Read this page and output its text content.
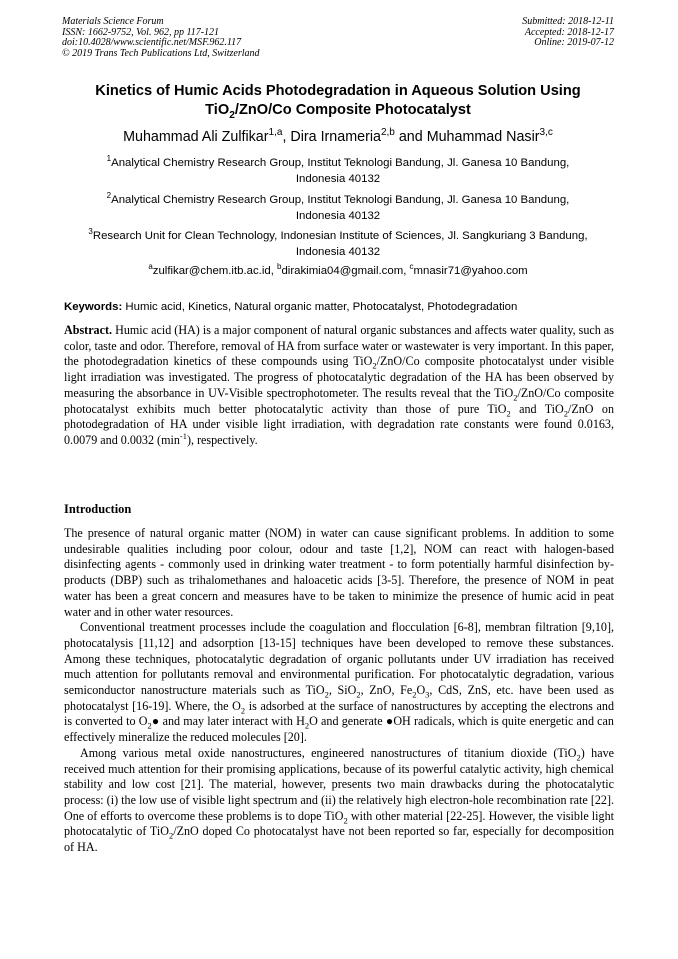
Materials Science Forum
ISSN: 1662-9752, Vol. 962, pp 117-121
doi:10.4028/www.scientific.net/MSF.962.117
© 2019 Trans Tech Publications Ltd, Switzerland
Submitted: 2018-12-11
Accepted: 2018-12-17
Online: 2019-07-12
Kinetics of Humic Acids Photodegradation in Aqueous Solution Using
TiO$_2$/ZnO/Co Composite Photocatalyst
Muhammad Ali Zulfikar$^{1,a}$, Dira Irnameria$^{2,b}$ and Muhammad Nasir$^{3,c}$
$^1$Analytical Chemistry Research Group, Institut Teknologi Bandung, Jl. Ganesa 10 Bandung,
Indonesia 40132
$^2$Analytical Chemistry Research Group, Institut Teknologi Bandung, Jl. Ganesa 10 Bandung,
Indonesia 40132
$^3$Research Unit for Clean Technology, Indonesian Institute of Sciences, Jl. Sangkuriang 3 Bandung,
Indonesia 40132
$^a$zulfikar@chem.itb.ac.id, $^b$dirakimia04@gmail.com, $^c$mnasir71@yahoo.com
Keywords: Humic acid, Kinetics, Natural organic matter, Photocatalyst, Photodegradation
Abstract. Humic acid (HA) is a major component of natural organic substances and affects water quality, such as color, taste and odor. Therefore, removal of HA from surface water or wastewater is very important. In this paper, the photodegradation kinetics of these compounds using TiO$_2$/ZnO/Co composite photocatalyst under visible light irradiation was investigated. The progress of photocatalytic degradation of the HA has been observed by measuring the absorbance in UV-Visible spectrophotometer. The results reveal that the TiO$_2$/ZnO/Co composite photocatalyst exhibits much better photocatalytic activity than those of pure TiO$_2$ and TiO$_2$/ZnO on photodegradation of HA under visible light irradiation, with degradation rate constants were found 0.0163, 0.0079 and 0.0032 $(\min^{-1})$, respectively.
Introduction

The presence of natural organic matter (NOM) in water can cause significant problems. In addition to some undesirable qualities including poor colour, odour and taste [1,2], NOM can react with halogen-based disinfecting agents - commonly used in drinking water treatment - to form potentially harmful disinfection by-products (DBP) such as trihalomethanes and haloacetic acids [3-5]. Therefore, the presence of NOM in peat water has been a great concern and measures have to be taken to minimize the presence of humic acid in peat water and in other water resources.

Conventional treatment processes include the coagulation and flocculation [6-8], membran filtration [9,10], photocatalysis [11,12] and adsorption [13-15] techniques have been developed to remove these substances. Among these techniques, photocatalytic degradation of organic pollutants under UV irradiation has received much attention for pollutants removal and environmental purification. For photocatalytic degradation, various semiconductor nanostructure materials such as TiO$_2$, SiO$_2$, ZnO, $Fe_2O_3$, CdS, ZnS, etc. have been used as photocatalyst [16-19]. Where, the $O_2$ is adsorbed at the surface of nanostructures by accepting the electrons and is converted to $O_2●$ and may later interact with $H_2O$ and generate ●OH radicals, which is quite energetic and can effectively mineralize the reduced molecules [20].

Among various metal oxide nanostructures, engineered nanostructures of titanium dioxide (TiO$_2$) have received much attention for their promising applications, because of its powerful catalytic activity, high chemical stability and low cost [21]. The material, however, presents two main drawbacks during the photocatalytic process: (i) the low use of visible light spectrum and (ii) the relatively high electron-hole recombination rate [22]. One of efforts to overcome these problems is to dope TiO$_2$ with other material [22-25]. However, the visible light photocatalytic of TiO$_2$/ZnO doped Co photocatalyst have not been reported so far, especially for decomposition of HA.
